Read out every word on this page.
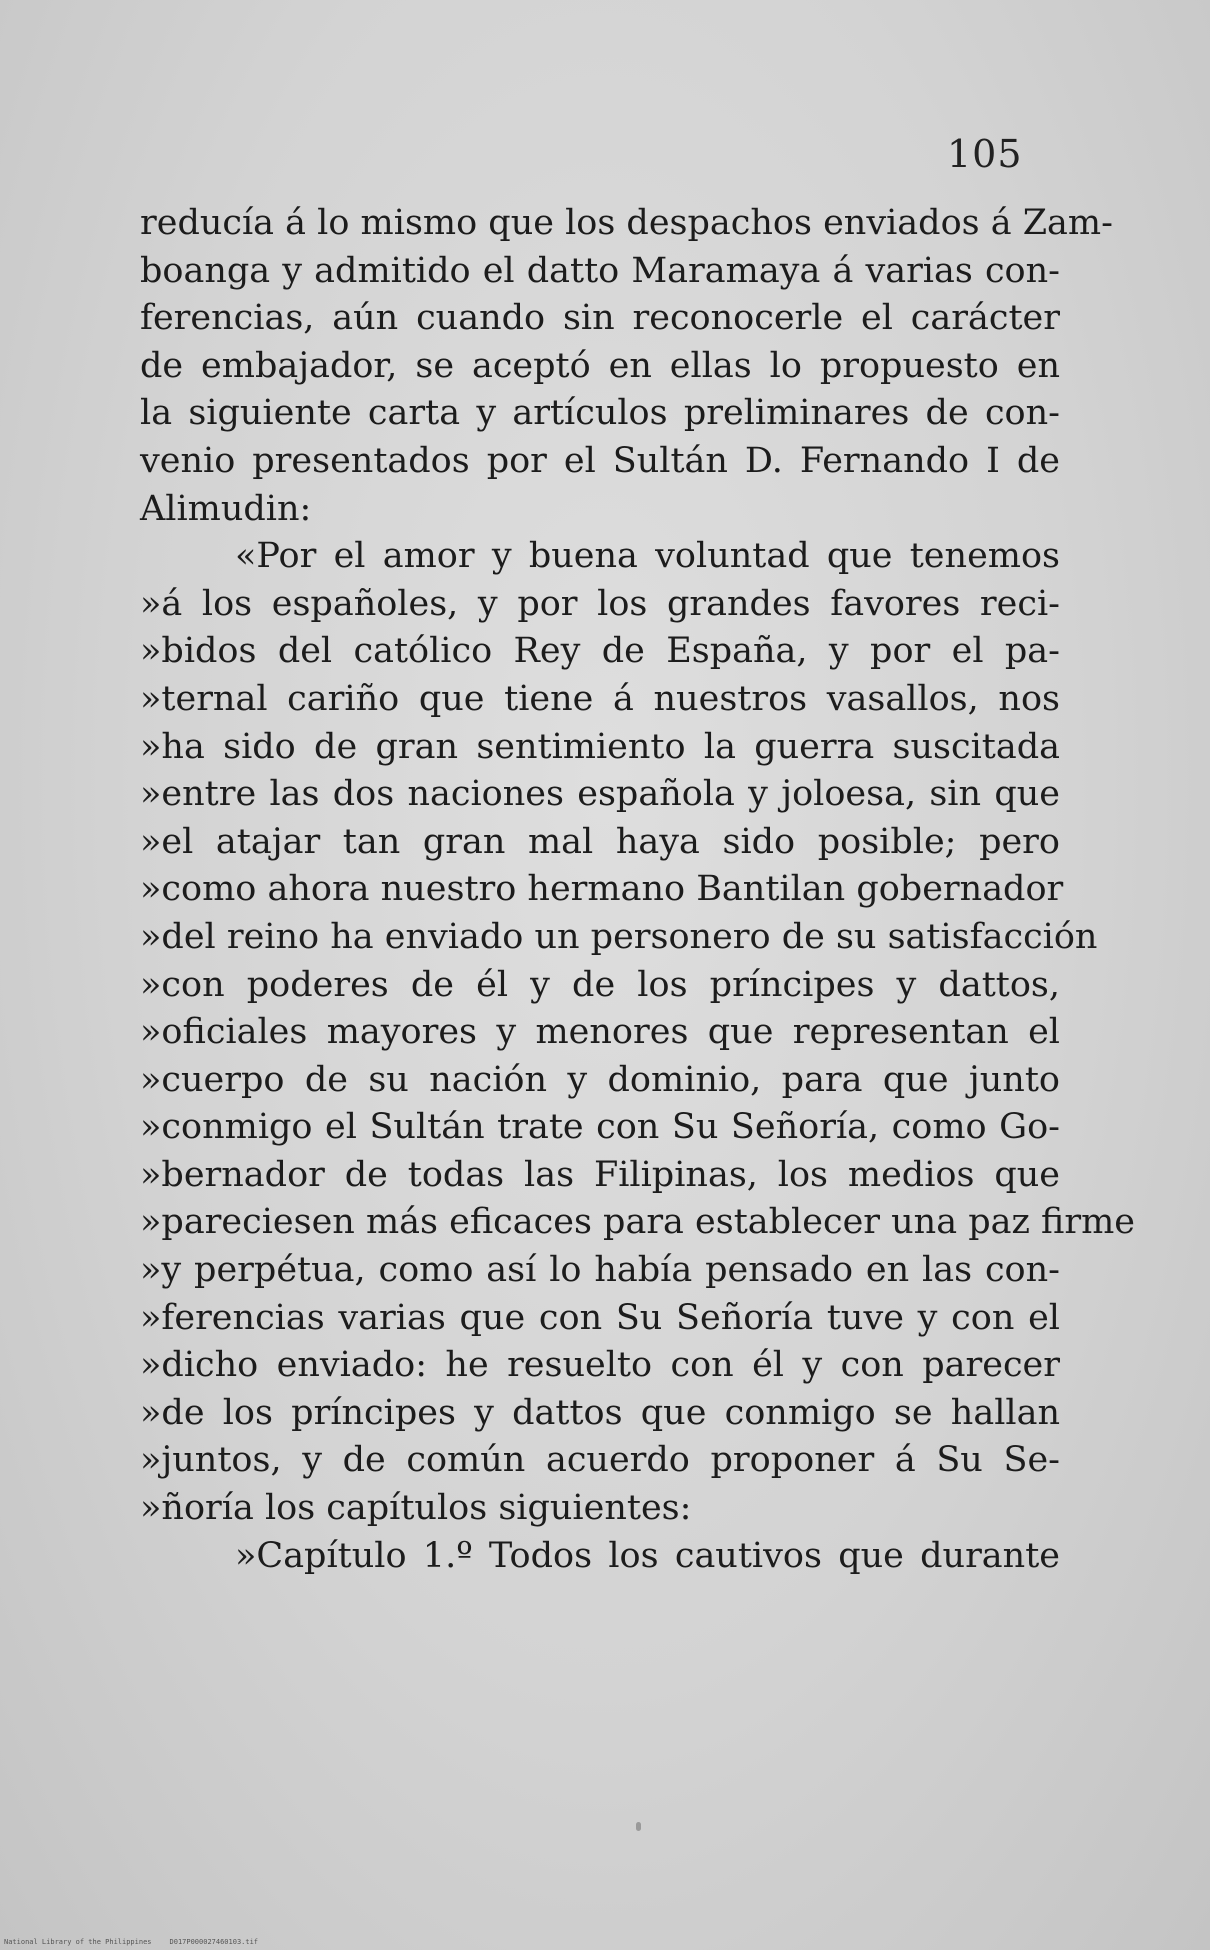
105
reducía á lo mismo que los despachos enviados á Zam-
boanga y admitido el datto Maramaya á varias con-
ferencias, aún cuando sin reconocerle el carácter
de embajador, se aceptó en ellas lo propuesto en
la siguiente carta y artículos preliminares de con-
venio presentados por el Sultán D. Fernando I de
Alimudin:
«Por el amor y buena voluntad que tenemos
»á los españoles, y por los grandes favores reci-
»bidos del católico Rey de España, y por el pa-
»ternal cariño que tiene á nuestros vasallos, nos
»ha sido de gran sentimiento la guerra suscitada
»entre las dos naciones española y joloesa, sin que
»el atajar tan gran mal haya sido posible; pero
»como ahora nuestro hermano Bantilan gobernador
»del reino ha enviado un personero de su satisfacción
»con poderes de él y de los príncipes y dattos,
»oficiales mayores y menores que representan el
»cuerpo de su nación y dominio, para que junto
»conmigo el Sultán trate con Su Señoría, como Go-
»bernador de todas las Filipinas, los medios que
»pareciesen más eficaces para establecer una paz firme
»y perpétua, como así lo había pensado en las con-
»ferencias varias que con Su Señoría tuve y con el
»dicho enviado: he resuelto con él y con parecer
»de los príncipes y dattos que conmigo se hallan
»juntos, y de común acuerdo proponer á Su Se-
»ñoría los capítulos siguientes:
»Capítulo 1.º Todos los cautivos que durante
National Library of the Philippines	D017P000027460103.tif
